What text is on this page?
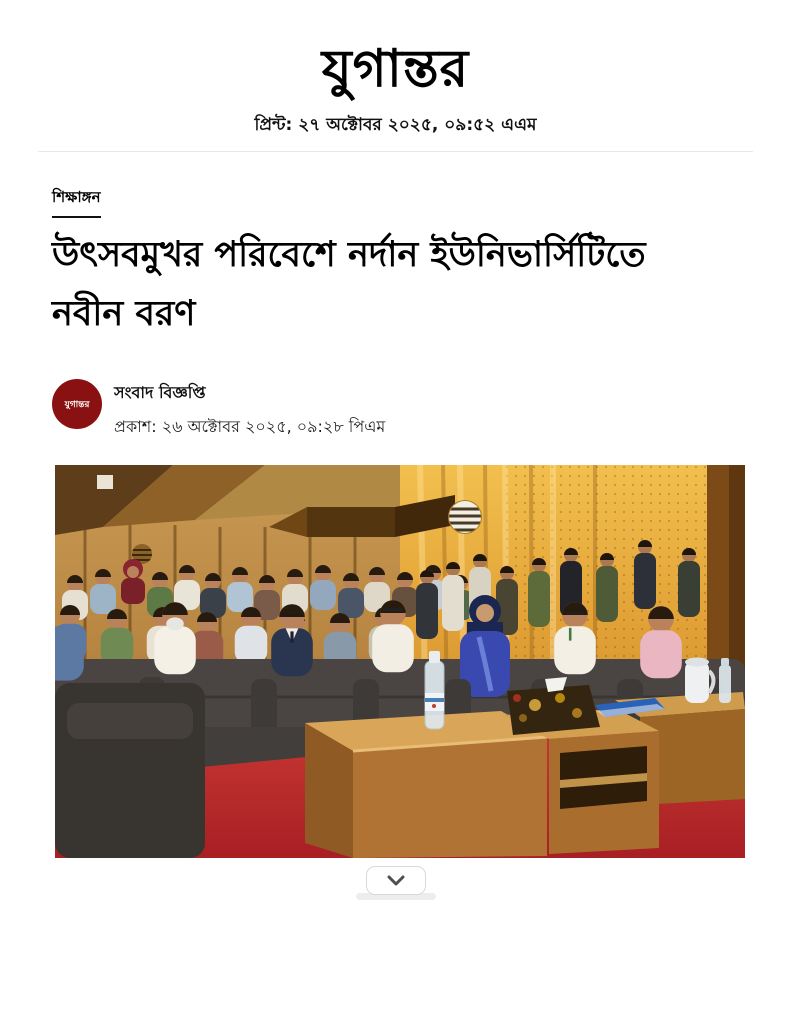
যুগান্তর
প্রিন্ট: ২৭ অক্টোবর ২০২৫, ০৯:৫২ এএম
শিক্ষাঙ্গন
উৎসবমুখর পরিবেশে নর্দান ইউনিভার্সিটিতে নবীন বরণ
যুগান্তর
সংবাদ বিজ্ঞপ্তি
প্রকাশ: ২৬ অক্টোবর ২০২৫, ০৯:২৮ পিএম
